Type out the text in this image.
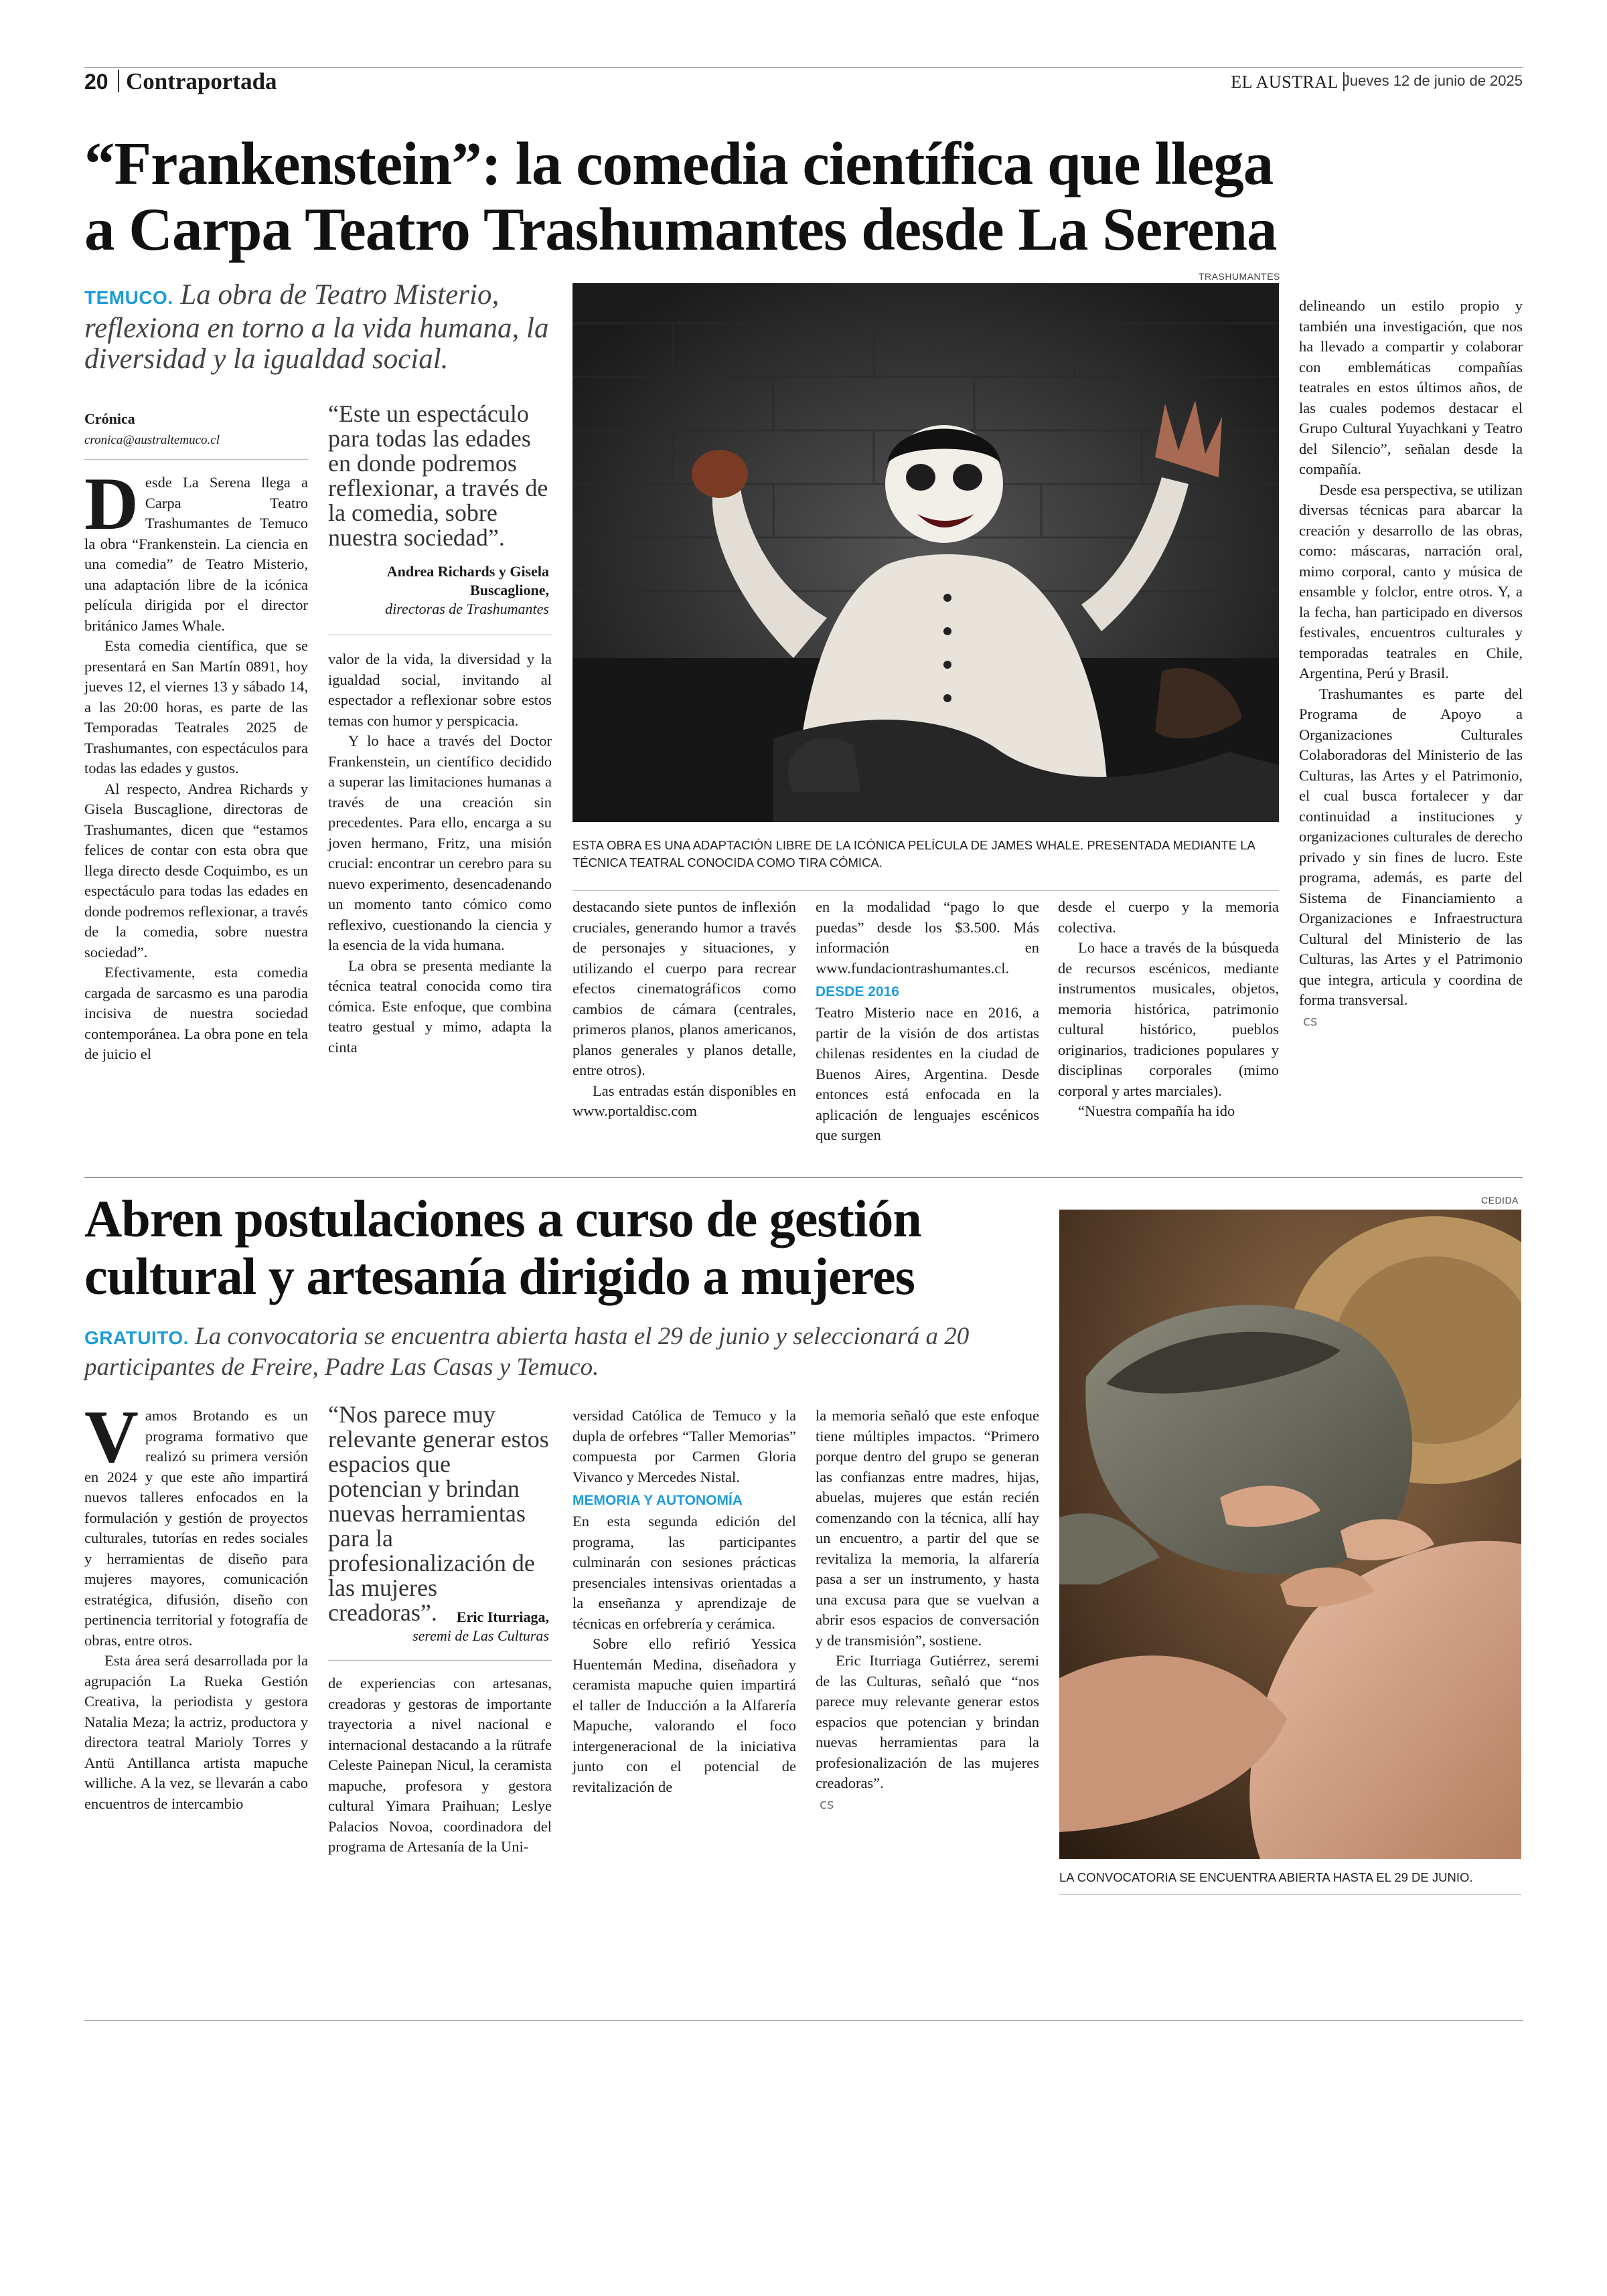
20 Contraportada	EL AUSTRAL Jueves 12 de junio de 2025
“Frankenstein”: la comedia científica que llega
a Carpa Teatro Trashumantes desde La Serena
TEMUCO. La obra de Teatro Misterio, reflexiona en torno a la vida humana, la diversidad y la igualdad social.
Crónica
cronica@australtemuco.cl
“Este un espectáculo para todas las edades en donde podremos reflexionar, a través de la comedia, sobre nuestra sociedad”.
Andrea Richards y Gisela Buscaglione,
directoras de Trashumantes
TRASHUMANTES
ESTA OBRA ES UNA ADAPTACIÓN LIBRE DE LA ICÓNICA PELÍCULA DE JAMES WHALE. PRESENTADA MEDIANTE LA TÉCNICA TEATRAL CONOCIDA COMO TIRA CÓMICA.

Desde La Serena llega a Carpa Teatro Trashumantes de Temuco la obra “Frankenstein. La ciencia en una comedia” de Teatro Misterio, una adaptación libre de la icónica película dirigida por el director británico James Whale.

Esta comedia científica, que se presentará en San Martín 0891, hoy jueves 12, el viernes 13 y sábado 14, a las 20:00 horas, es parte de las Temporadas Teatrales 2025 de Trashumantes, con espectáculos para todas las edades y gustos.

Al respecto, Andrea Richards y Gisela Buscaglione, directoras de Trashumantes, dicen que “estamos felices de contar con esta obra que llega directo desde Coquimbo, es un espectáculo para todas las edades en donde podremos reflexionar, a través de la comedia, sobre nuestra sociedad”.

Efectivamente, esta comedia cargada de sarcasmo es una parodia incisiva de nuestra sociedad contemporánea. La obra pone en tela de juicio el

valor de la vida, la diversidad y la igualdad social, invitando al espectador a reflexionar sobre estos temas con humor y perspicacia.

Y lo hace a través del Doctor Frankenstein, un científico decidido a superar las limitaciones humanas a través de una creación sin precedentes. Para ello, encarga a su joven hermano, Fritz, una misión crucial: encontrar un cerebro para su nuevo experimento, desencadenando un momento tanto cómico como reflexivo, cuestionando la ciencia y la esencia de la vida humana.

La obra se presenta mediante la técnica teatral conocida como tira cómica. Este enfoque, que combina teatro gestual y mimo, adapta la cinta

destacando siete puntos de inflexión cruciales, generando humor a través de personajes y situaciones, y utilizando el cuerpo para recrear efectos cinematográficos como cambios de cámara (centrales, primeros planos, planos americanos, planos generales y planos detalle, entre otros).

Las entradas están disponibles en www.portaldisc.com

en la modalidad “pago lo que puedas” desde los $3.500. Más información en www.fundaciontrashumantes.cl.

DESDE 2016

Teatro Misterio nace en 2016, a partir de la visión de dos artistas chilenas residentes en la ciudad de Buenos Aires, Argentina. Desde entonces está enfocada en la aplicación de lenguajes escénicos que surgen

desde el cuerpo y la memoria colectiva.

Lo hace a través de la búsqueda de recursos escénicos, mediante instrumentos musicales, objetos, memoria histórica, patrimonio cultural histórico, pueblos originarios, tradiciones populares y disciplinas corporales (mimo corporal y artes marciales).

“Nuestra compañía ha ido

delineando un estilo propio y también una investigación, que nos ha llevado a compartir y colaborar con emblemáticas compañías teatrales en estos últimos años, de las cuales podemos destacar el Grupo Cultural Yuyachkani y Teatro del Silencio”, señalan desde la compañía.

Desde esa perspectiva, se utilizan diversas técnicas para abarcar la creación y desarrollo de las obras, como: máscaras, narración oral, mimo corporal, canto y música de ensamble y folclor, entre otros. Y, a la fecha, han participado en diversos festivales, encuentros culturales y temporadas teatrales en Chile, Argentina, Perú y Brasil.

Trashumantes es parte del Programa de Apoyo a Organizaciones Culturales Colaboradoras del Ministerio de las Culturas, las Artes y el Patrimonio, el cual busca fortalecer y dar continuidad a instituciones y organizaciones culturales de derecho privado y sin fines de lucro. Este programa, además, es parte del Sistema de Financiamiento a Organizaciones e Infraestructura Cultural del Ministerio de las Culturas, las Artes y el Patrimonio que integra, articula y coordina de forma transversal.

cs
Abren postulaciones a curso de gestión
cultural y artesanía dirigido a mujeres
GRATUITO. La convocatoria se encuentra abierta hasta el 29 de junio y seleccionará a 20 participantes de Freire, Padre Las Casas y Temuco.
“Nos parece muy relevante generar estos espacios que potencian y brindan nuevas herramientas para la profesionalización de las mujeres creadoras”.	Eric Iturriaga,
seremi de Las Culturas

Vamos Brotando es un programa formativo que realizó su primera versión en 2024 y que este año impartirá nuevos talleres enfocados en la formulación y gestión de proyectos culturales, tutorías en redes sociales y herramientas de diseño para mujeres mayores, comunicación estratégica, difusión, diseño con pertinencia territorial y fotografía de obras, entre otros.

Esta área será desarrollada por la agrupación La Rueka Gestión Creativa, la periodista y gestora Natalia Meza; la actriz, productora y directora teatral Marioly Torres y Antü Antillanca artista mapuche williche. A la vez, se llevarán a cabo encuentros de intercambio

de experiencias con artesanas, creadoras y gestoras de importante trayectoria a nivel nacional e internacional destacando a la rütrafe Celeste Painepan Nicul, la ceramista mapuche, profesora y gestora cultural Yimara Praihuan; Leslye Palacios Novoa, coordinadora del programa de Artesanía de la Uni-

versidad Católica de Temuco y la dupla de orfebres “Taller Memorias” compuesta por Carmen Gloria Vivanco y Mercedes Nistal.

MEMORIA Y AUTONOMÍA

En esta segunda edición del programa, las participantes culminarán con sesiones prácticas presenciales intensivas orientadas a la enseñanza y aprendizaje de técnicas en orfebrería y cerámica.

Sobre ello refirió Yessica Huentemán Medina, diseñadora y ceramista mapuche quien impartirá el taller de Inducción a la Alfarería Mapuche, valorando el foco intergeneracional de la iniciativa junto con el potencial de revitalización de

la memoria señaló que este enfoque tiene múltiples impactos. “Primero porque dentro del grupo se generan las confianzas entre madres, hijas, abuelas, mujeres que están recién comenzando con la técnica, allí hay un encuentro, a partir del que se revitaliza la memoria, la alfarería pasa a ser un instrumento, y hasta una excusa para que se vuelvan a abrir esos espacios de conversación y de transmisión”, sostiene.

Eric Iturriaga Gutiérrez, seremi de las Culturas, señaló que “nos parece muy relevante generar estos espacios que potencian y brindan nuevas herramientas para la profesionalización de las mujeres creadoras”.

cs
CEDIDA
LA CONVOCATORIA SE ENCUENTRA ABIERTA HASTA EL 29 DE JUNIO.
